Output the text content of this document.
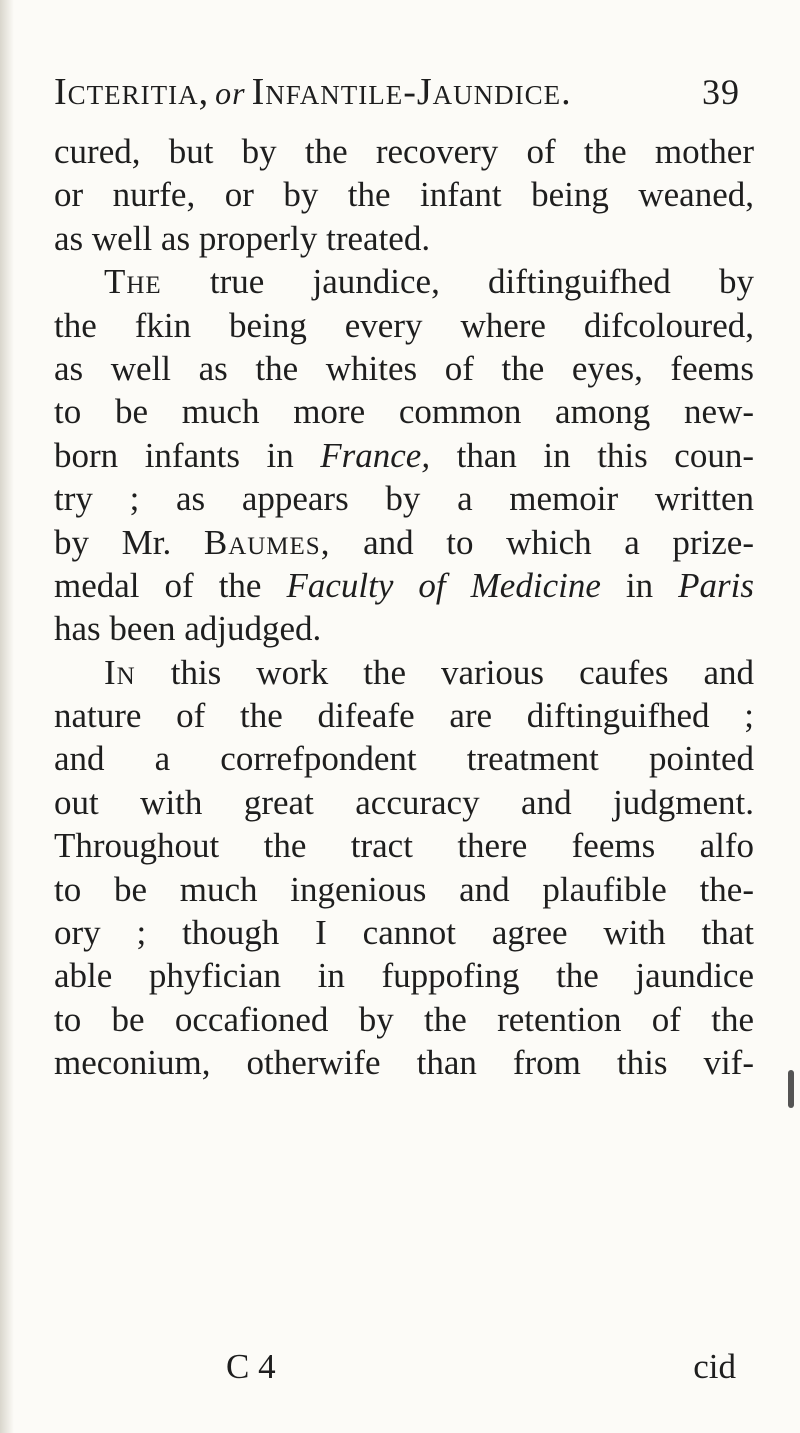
Icteritia, or Infantile-Jaundice.	39
cured, but by the recovery of the mother
or nurfe, or by the infant being weaned,
as well as properly treated.
The true jaundice, diftinguifhed by
the fkin being every where difcoloured,
as well as the whites of the eyes, feems
to be much more common among new-
born infants in France, than in this coun-
try ; as appears by a memoir written
by Mr. Baumes, and to which a prize-
medal of the Faculty of Medicine in Paris
has been adjudged.
In this work the various caufes and
nature of the difeafe are diftinguifhed ;
and a correfpondent treatment pointed
out with great accuracy and judgment.
Throughout the tract there feems alfo
to be much ingenious and plaufible the-
ory ; though I cannot agree with that
able phyfician in fuppofing the jaundice
to be occafioned by the retention of the
meconium, otherwife than from this vif-
C 4	cid
